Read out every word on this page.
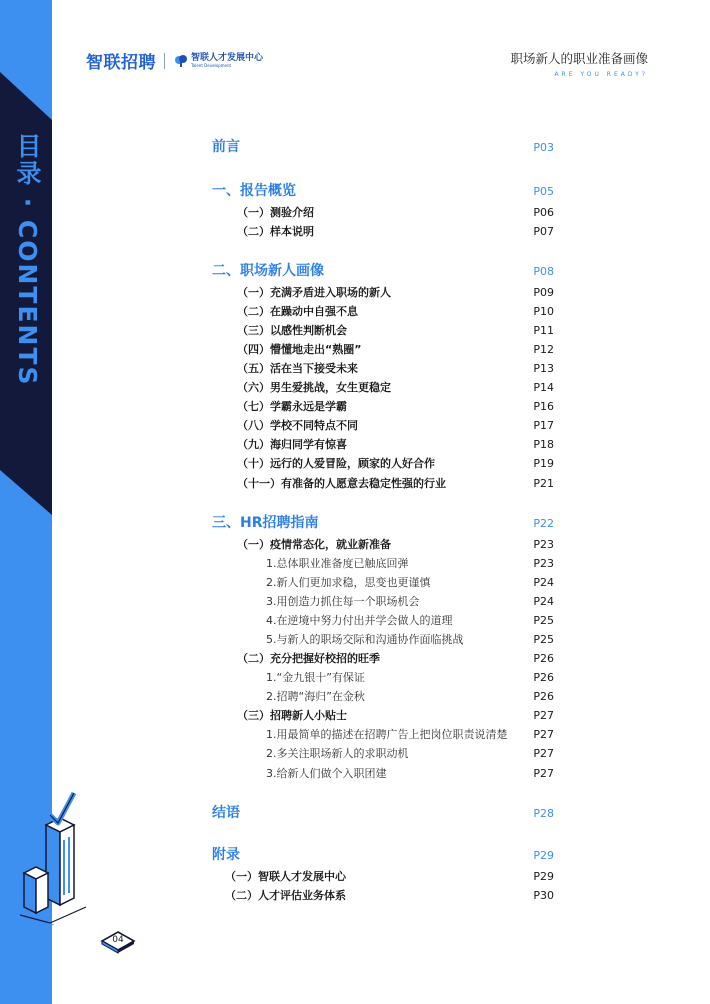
目录 · CONTENTS
智联招聘	智联人才发展中心
Talent Development	职场新人的职业准备画像
ARE YOU READY?
前言	P03
一、报告概览	P05
（一）测验介绍	P06
（二）样本说明	P07
二、职场新人画像	P08
（一）充满矛盾进入职场的新人	P09
（二）在躁动中自强不息	P10
（三）以感性判断机会	P11
（四）懵懂地走出“熟圈”	P12
（五）活在当下接受未来	P13
（六）男生爱挑战，女生更稳定	P14
（七）学霸永远是学霸	P16
（八）学校不同特点不同	P17
（九）海归同学有惊喜	P18
（十）远行的人爱冒险，顾家的人好合作	P19
（十一）有准备的人愿意去稳定性强的行业	P21
三、HR招聘指南	P22
（一）疫情常态化，就业新准备	P23
1.总体职业准备度已触底回弹	P23
2.新人们更加求稳，思变也更谨慎	P24
3.用创造力抓住每一个职场机会	P24
4.在逆境中努力付出并学会做人的道理	P25
5.与新人的职场交际和沟通协作面临挑战	P25
（二）充分把握好校招的旺季	P26
1.“金九银十”有保证	P26
2.招聘“海归”在金秋	P26
（三）招聘新人小贴士	P27
1.用最简单的描述在招聘广告上把岗位职责说清楚 P27
2.多关注职场新人的求职动机	P27
3.给新人们做个入职团建	P27
结语	P28
附录	P29
（一）智联人才发展中心	P29
（二）人才评估业务体系	P30
04
